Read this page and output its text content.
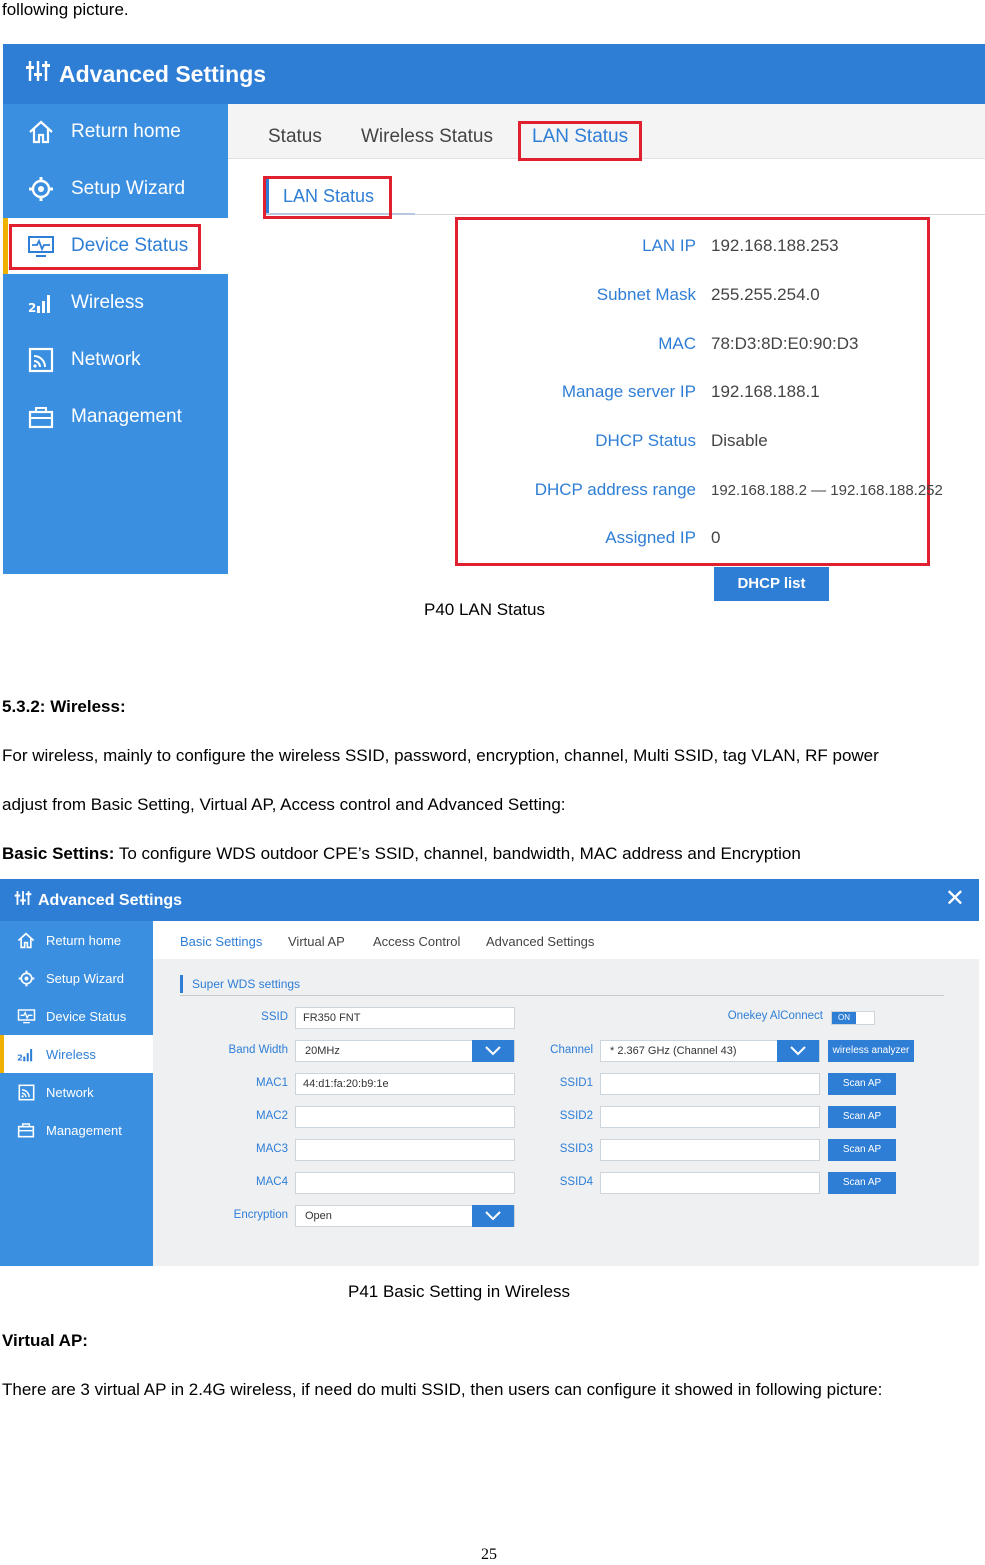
following picture.
Advanced Settings
Return home
Setup Wizard
Device Status
2 Wireless
Network
Management
Status Wireless Status LAN Status
LAN Status
LAN IP 192.168.188.253
Subnet Mask 255.255.254.0
MAC 78:D3:8D:E0:90:D3
Manage server IP 192.168.188.1
DHCP Status Disable
DHCP address range 192.168.188.2 — 192.168.188.252
Assigned IP 0
DHCP list
P40 LAN Status
5.3.2: Wireless:
For wireless, mainly to configure the wireless SSID, password, encryption, channel, Multi SSID, tag VLAN, RF power
adjust from Basic Setting, Virtual AP, Access control and Advanced Setting:
Basic Settins: To configure WDS outdoor CPE’s SSID, channel, bandwidth, MAC address and Encryption
Advanced Settings	✕
Return home
Setup Wizard
Device Status
2 Wireless
Network
Management
Basic Settings Virtual AP Access Control Advanced Settings
Super WDS settings
SSID	FR350 FNT
Band Width	20MHz
MAC1	44:d1:fa:20:b9:1e
MAC2
MAC3
MAC4
Encryption	Open
Onekey AlConnect	ON
Channel	* 2.367 GHz (Channel 43)	wireless analyzer
SSID1	Scan AP
SSID2	Scan AP
SSID3	Scan AP
SSID4	Scan AP
P41 Basic Setting in Wireless
Virtual AP:
There are 3 virtual AP in 2.4G wireless, if need do multi SSID, then users can configure it showed in following picture:
25
